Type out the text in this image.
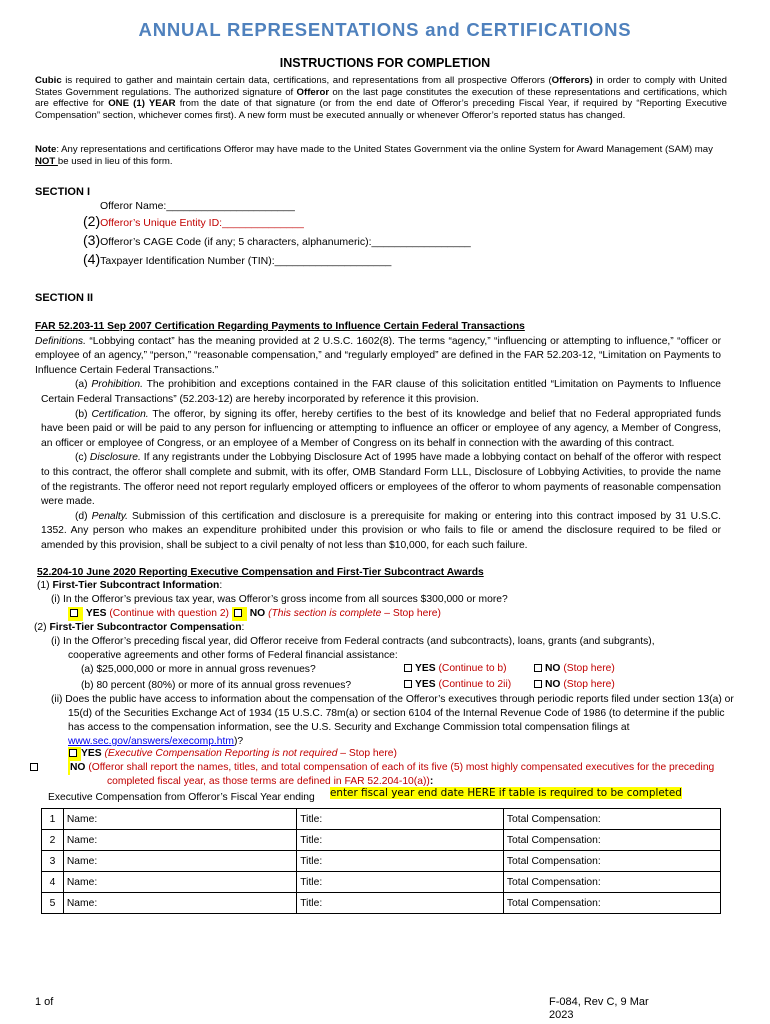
ANNUAL REPRESENTATIONS and CERTIFICATIONS
INSTRUCTIONS FOR COMPLETION
Cubic is required to gather and maintain certain data, certifications, and representations from all prospective Offerors (Offerors) in order to comply with United States Government regulations. The authorized signature of Offeror on the last page constitutes the execution of these representations and certifications, which are effective for ONE (1) YEAR from the date of that signature (or from the end date of Offeror’s preceding Fiscal Year, if required by “Reporting Executive Compensation” section, whichever comes first). A new form must be executed annually or whenever Offeror’s reported status has changed.
Note: Any representations and certifications Offeror may have made to the United States Government via the online System for Award Management (SAM) may NOT be used in lieu of this form.
SECTION I
Offeror Name:______________________
(2)Offeror’s Unique Entity ID:______________
(3)Offeror’s CAGE Code (if any; 5 characters, alphanumeric):_________________
(4)Taxpayer Identification Number (TIN):____________________
SECTION II

FAR 52.203-11 Sep 2007 Certification Regarding Payments to Influence Certain Federal Transactions

Definitions. “Lobbying contact” has the meaning provided at 2 U.S.C. 1602(8). The terms “agency,” “influencing or attempting to influence,” “officer or employee of an agency,” “person,” “reasonable compensation,” and “regularly employed” are defined in the FAR 52.203-12, “Limitation on Payments to Influence Certain Federal Transactions.”

(a) Prohibition. The prohibition and exceptions contained in the FAR clause of this solicitation entitled “Limitation on Payments to Influence Certain Federal Transactions” (52.203-12) are hereby incorporated by reference it this provision.

(b) Certification. The offeror, by signing its offer, hereby certifies to the best of its knowledge and belief that no Federal appropriated funds have been paid or will be paid to any person for influencing or attempting to influence an officer or employee of any agency, a Member of Congress, an officer or employee of Congress, or an employee of a Member of Congress on its behalf in connection with the awarding of this contract.

(c) Disclosure. If any registrants under the Lobbying Disclosure Act of 1995 have made a lobbying contact on behalf of the offeror with respect to this contract, the offeror shall complete and submit, with its offer, OMB Standard Form LLL, Disclosure of Lobbying Activities, to provide the name of the registrants. The offeror need not report regularly employed officers or employees of the offeror to whom payments of reasonable compensation were made.

(d) Penalty. Submission of this certification and disclosure is a prerequisite for making or entering into this contract imposed by 31 U.S.C. 1352. Any person who makes an expenditure prohibited under this provision or who fails to file or amend the disclosure required to be filed or amended by this provision, shall be subject to a civil penalty of not less than $10,000, for each such failure.

52.204-10 June 2020 Reporting Executive Compensation and First-Tier Subcontract Awards
(1) First-Tier Subcontract Information:
(i) In the Offeror’s previous tax year, was Offeror’s gross income from all sources $300,000 or more?
YES (Continue with question 2) NO (This section is complete – Stop here)
(2) First-Tier Subcontractor Compensation:
(i) In the Offeror’s preceding fiscal year, did Offeror receive from Federal contracts (and subcontracts), loans, grants (and subgrants), cooperative agreements and other forms of Federal financial assistance:
(a) $25,000,000 or more in annual gross revenues?	YES (Continue to b)	NO (Stop here)
(b) 80 percent (80%) or more of its annual gross revenues?	YES (Continue to 2ii)	NO (Stop here)
(ii) Does the public have access to information about the compensation of the Offeror’s executives through periodic reports filed under section 13(a) or 15(d) of the Securities Exchange Act of 1934 (15 U.S.C. 78m(a) or section 6104 of the Internal Revenue Code of 1986 (to determine if the public has access to the compensation information, see the U.S. Security and Exchange Commission total compensation filings at www.sec.gov/answers/execomp.htm)?
YES (Executive Compensation Reporting is not required – Stop here)
NO (Offeror shall report the names, titles, and total compensation of each of its five (5) most highly compensated executives for the preceding completed fiscal year, as those terms are defined in FAR 52.204-10(a)):
Executive Compensation from Offeror’s Fiscal Year ending enter fiscal year end date HERE if table is required to be completed
1	Name:	Title:	Total Compensation:
2	Name:	Title:	Total Compensation:
3	Name:	Title:	Total Compensation:
4	Name:	Title:	Total Compensation:
5	Name:	Title:	Total Compensation:
1 of	F-084, Rev C, 9 Mar
2023
